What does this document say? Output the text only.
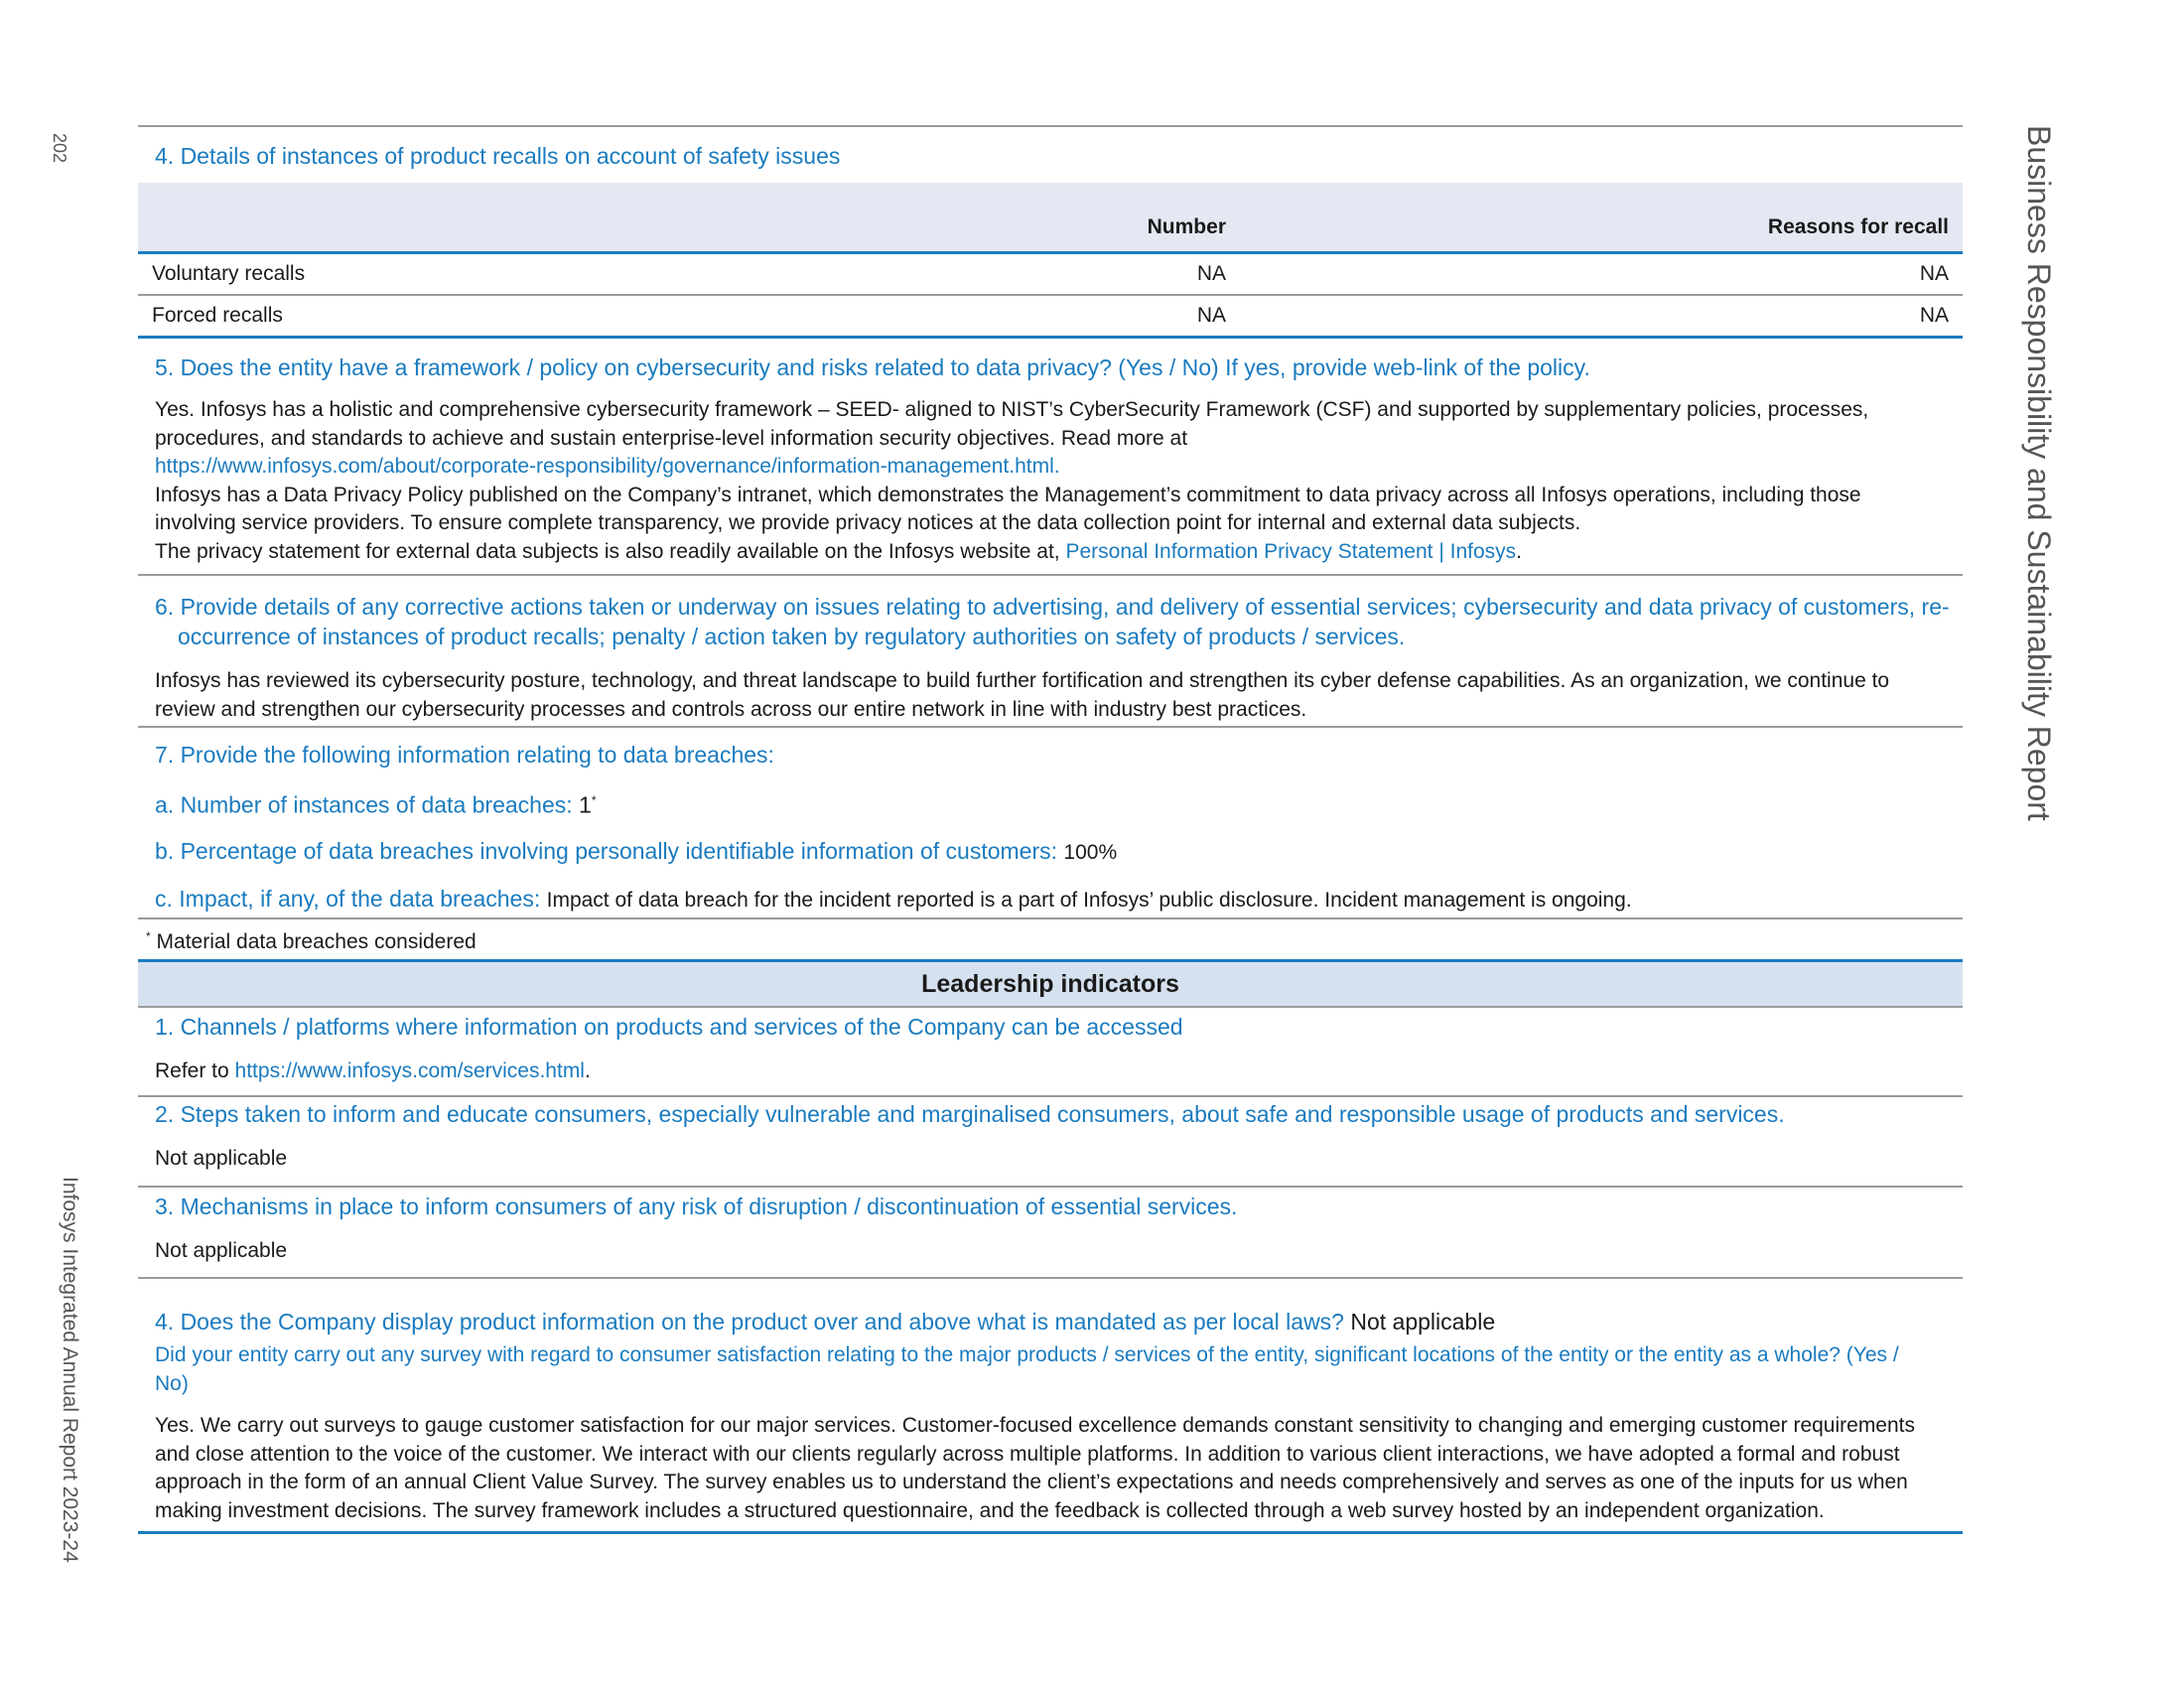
202
Infosys Integrated Annual Report 2023-24
Business Responsibility and Sustainability Report
4. Details of instances of product recalls on account of safety issues
	Number	Reasons for recall
Voluntary recalls	NA	NA
Forced recalls	NA	NA
5. Does the entity have a framework / policy on cybersecurity and risks related to data privacy? (Yes / No) If yes, provide web-link of the policy.
Yes. Infosys has a holistic and comprehensive cybersecurity framework – SEED- aligned to NIST’s CyberSecurity Framework (CSF) and supported by supplementary policies, processes, procedures, and standards to achieve and sustain enterprise-level information security objectives. Read more at
https://www.infosys.com/about/corporate-responsibility/governance/information-management.html.
Infosys has a Data Privacy Policy published on the Company’s intranet, which demonstrates the Management’s commitment to data privacy across all Infosys operations, including those involving service providers. To ensure complete transparency, we provide privacy notices at the data collection point for internal and external data subjects.
The privacy statement for external data subjects is also readily available on the Infosys website at, Personal Information Privacy Statement | Infosys.
6. Provide details of any corrective actions taken or underway on issues relating to advertising, and delivery of essential services; cybersecurity and data privacy of customers, re-occurrence of instances of product recalls; penalty / action taken by regulatory authorities on safety of products / services.
Infosys has reviewed its cybersecurity posture, technology, and threat landscape to build further fortification and strengthen its cyber defense capabilities. As an organization, we continue to review and strengthen our cybersecurity processes and controls across our entire network in line with industry best practices.
7. Provide the following information relating to data breaches:
a. Number of instances of data breaches: 1*
b. Percentage of data breaches involving personally identifiable information of customers: 100%
c. Impact, if any, of the data breaches: Impact of data breach for the incident reported is a part of Infosys’ public disclosure. Incident management is ongoing.
* Material data breaches considered
Leadership indicators
1. Channels / platforms where information on products and services of the Company can be accessed
Refer to https://www.infosys.com/services.html.
2. Steps taken to inform and educate consumers, especially vulnerable and marginalised consumers, about safe and responsible usage of products and services.
Not applicable
3. Mechanisms in place to inform consumers of any risk of disruption / discontinuation of essential services.
Not applicable
4. Does the Company display product information on the product over and above what is mandated as per local laws? Not applicable
Did your entity carry out any survey with regard to consumer satisfaction relating to the major products / services of the entity, significant locations of the entity or the entity as a whole? (Yes / No)
Yes. We carry out surveys to gauge customer satisfaction for our major services. Customer-focused excellence demands constant sensitivity to changing and emerging customer requirements and close attention to the voice of the customer. We interact with our clients regularly across multiple platforms. In addition to various client interactions, we have adopted a formal and robust approach in the form of an annual Client Value Survey. The survey enables us to understand the client’s expectations and needs comprehensively and serves as one of the inputs for us when making investment decisions. The survey framework includes a structured questionnaire, and the feedback is collected through a web survey hosted by an independent organization.
